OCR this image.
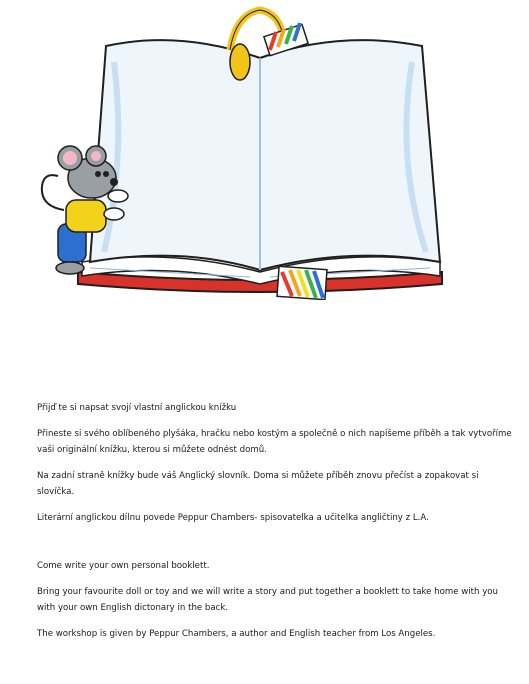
Přijď te si napsat svojí vlastní anglickou knížku

Přineste si svého oblíbeného plyšáka, hračku nebo kostým a společně o nich napíšeme příběh a tak vytvoříme vaši originální knížku, kterou si můžete odnést domů.

Na zadní straně knížky bude váš Anglický slovník. Doma si můžete příběh znovu přečíst a zopakovat si slovíčka.

Literární anglickou dílnu povede Peppur Chambers- spisovatelka a učitelka angličtiny z L.A.

Come write your own personal booklett.

Bring your favourite doll or toy and we will write a story and put together a booklett to take home with you with your own English dictonary in the back.

The workshop is given by Peppur Chambers, a author and English teacher from Los Angeles.
